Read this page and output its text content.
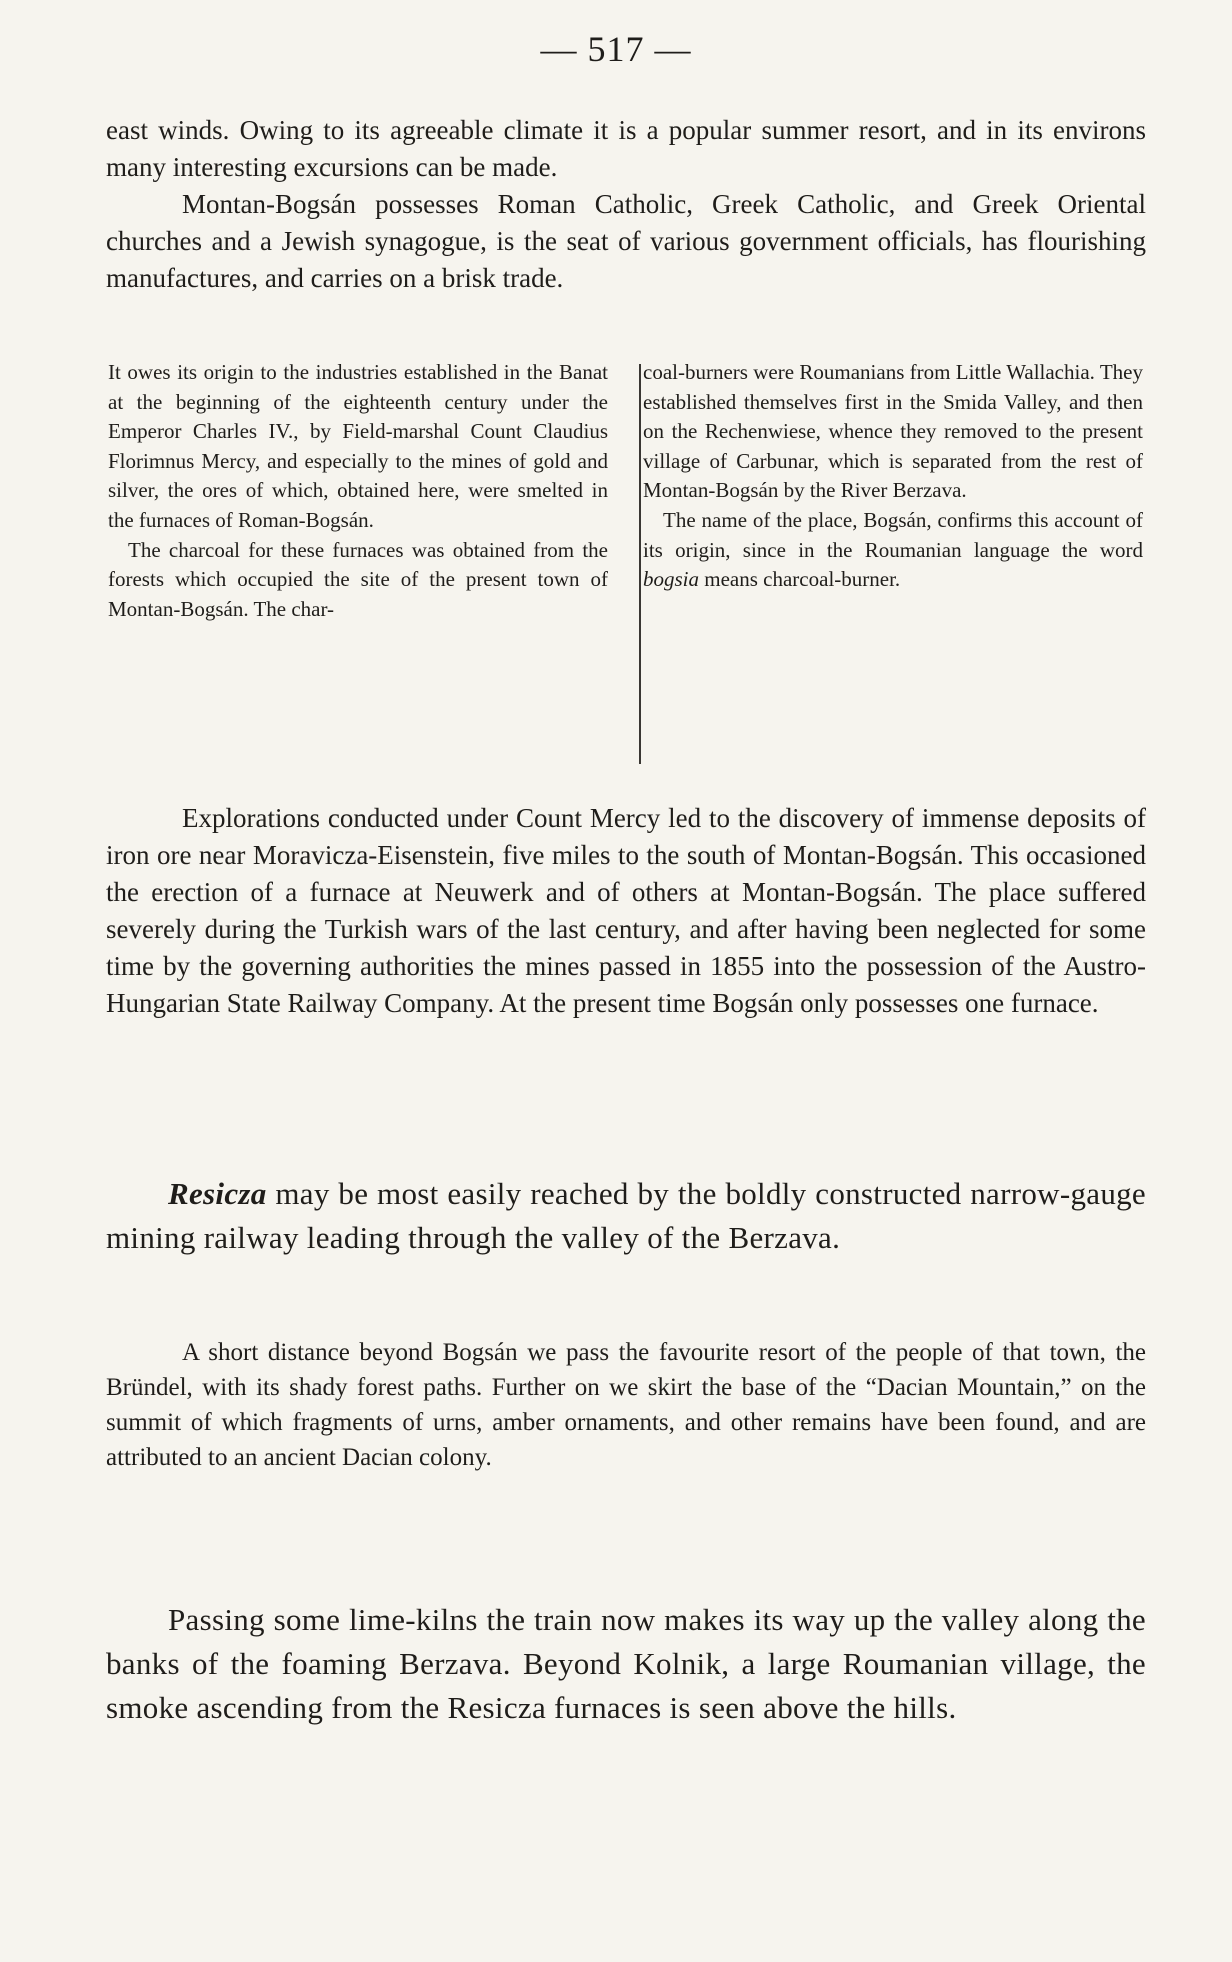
— 517 —

east winds. Owing to its agreeable climate it is a popular summer resort, and in its environs many interesting excursions can be made.

Montan-Bogsán possesses Roman Catholic, Greek Catholic, and Greek Oriental churches and a Jewish synagogue, is the seat of various government officials, has flourishing manufactures, and carries on a brisk trade.

It owes its origin to the industries established in the Banat at the beginning of the eighteenth century under the Emperor Charles IV., by Field-marshal Count Claudius Florimnus Mercy, and especially to the mines of gold and silver, the ores of which, obtained here, were smelted in the furnaces of Roman-Bogsán.

The charcoal for these furnaces was obtained from the forests which occupied the site of the present town of Montan-Bogsán. The char-

coal-burners were Roumanians from Little Wallachia. They established themselves first in the Smida Valley, and then on the Rechenwiese, whence they removed to the present village of Carbunar, which is separated from the rest of Montan-Bogsán by the River Berzava.

The name of the place, Bogsán, confirms this account of its origin, since in the Roumanian language the word bogsia means charcoal-burner.

Explorations conducted under Count Mercy led to the discovery of immense deposits of iron ore near Moravicza-Eisenstein, five miles to the south of Montan-Bogsán. This occasioned the erection of a furnace at Neuwerk and of others at Montan-Bogsán. The place suffered severely during the Turkish wars of the last century, and after having been neglected for some time by the governing authorities the mines passed in 1855 into the possession of the Austro-Hungarian State Railway Company. At the present time Bogsán only possesses one furnace.

Resicza may be most easily reached by the boldly constructed narrow-gauge mining railway leading through the valley of the Berzava.

A short distance beyond Bogsán we pass the favourite resort of the people of that town, the Bründel, with its shady forest paths. Further on we skirt the base of the “Dacian Mountain,” on the summit of which fragments of urns, amber ornaments, and other remains have been found, and are attributed to an ancient Dacian colony.

Passing some lime-kilns the train now makes its way up the valley along the banks of the foaming Berzava. Beyond Kolnik, a large Roumanian village, the smoke ascending from the Resicza furnaces is seen above the hills.
